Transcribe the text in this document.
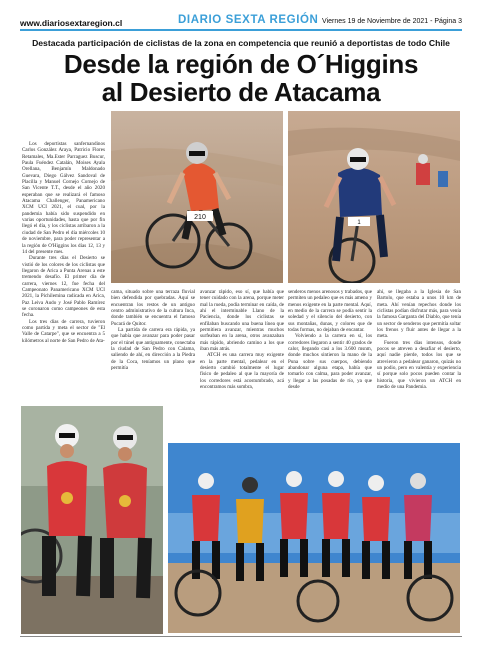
www.diariosextaregion.cl	DIARIO SEXTA REGIÓN Viernes 19 de Noviembre de 2021 - Página 3
Destacada participación de ciclistas de la zona en competencia que reunió a deportistas de todo Chile
Desde la región de O´Higgins
al Desierto de Atacama

Los deportistas sanfernandinos Carlos González Araya, Patricio Flores Retamales, Ma.Ester Parraguez Buscur, Paula Fuéndez Catalán, Moises Ayala Orellana, Benjamín Maldonado Guevara, Diego Gálvez Sandoval de Placilla y Manuel Cornejo Cornejo de San Vicente T.T., desde el año 2020 esperaban que se realizará el famoso Atacama Challenger, Panamericano XCM UCI 2021, el cual, por la pandemia había sido suspendido en varias oportunidades, hasta que por fin llegó el día, y los ciclistas arribaron a la ciudad de San Pedro el día miércoles 10 de noviembre, para poder representar a la región de O'Higgins los días 12, 13 y 14 del presente mes.

Durante tres días el Desierto se vistió de los colores de los ciclistas que llegaron de Arica a Punta Arenas a este tremendo desafío. El primer día de carrera, viernes 12, fue fecha del Campeonato Panamericano XCM UCI 2021, la Pichilemina radicada en Arica, Paz Leiva Audo y José Pablo Ramírez se coronaron como campeones de esta fecha.

Los tres días de carrera, tuvieron como partida y meta el sector de "El Valle de Catarpe", que se encuentra a 5 kilómetros al norte de San Pedro de Ata-

210
1

cama, situado sobre una terraza fluvial bien defendida por quebradas. Aquí se encuentran los restos de un antiguo centro administrativo de la cultura Inca, donde también se encuentra el famoso Pucará de Quitor.

La partida de carrera era rápida, ya que había que avanzar para poder pasar por el túnel que antiguamente, conectaba la ciudad de San Pedro con Calama, saliendo de ahí, en dirección a la Piedra de la Coca, teníamos un plano que permitía

avanzar rápido, eso sí, que había que tener cuidado con la arena, porque meter mal la rueda, podía terminar en caída, de ahí el interminable Llano de la Paciencia, donde los ciclistas se enfilaban buscando una buena línea que permitiera avanzar, mientras muchos surfeaban en la arena, otros avanzaban más rápido, abriendo camino a los que iban más atrás.

ATCH es una carrera muy exigente en la parte mental, pedalear en el desierto cambió totalmente el lugar físico de pedaleo al que la mayoría de los corredores está acostumbrado, acá encontramos más sombra,

senderos menos arenosos y trabados, que permiten un pedaleo que es más ameno y menos exigente en la parte mental. Aquí, en medio de la carrera se podía sentir la soledad y el silencio del desierto, con sus montañas, dunas, y colores que de todas formas, no dejaban de encantar.

Volviendo a la carrera en sí, los corredores llegaron a sentir 40 grados de calor, llegando casi a los 3.600 msnm, donde muchos sintieron la mano de la Puna sobre sus cuerpos, debiendo abandonar alguna etapa, había que tomarlo con calma, para poder avanzar, y llegar a las posadas de río, ya que desde

ahí, se llegaba a la Iglesia de San Bartolo, que estaba a unos 10 km de meta. Ahí venían repechos donde los ciclistas podían disfrutar más, para venía la famosa Garganta del Diablo, que tenía un sector de senderos que permitía soltar los frenos y fluir antes de llegar a la meta.

Fueron tres días intensos, donde pocos se atreven a desafiar el desierto, aquí nadie pierde, todos los que se atrevieron a pedalear ganaron, quizás no un podio, pero en valentía y experiencia sí porque solo pocos pueden contar la historia, que vivieron un ATCH en medio de una Pandemia.
